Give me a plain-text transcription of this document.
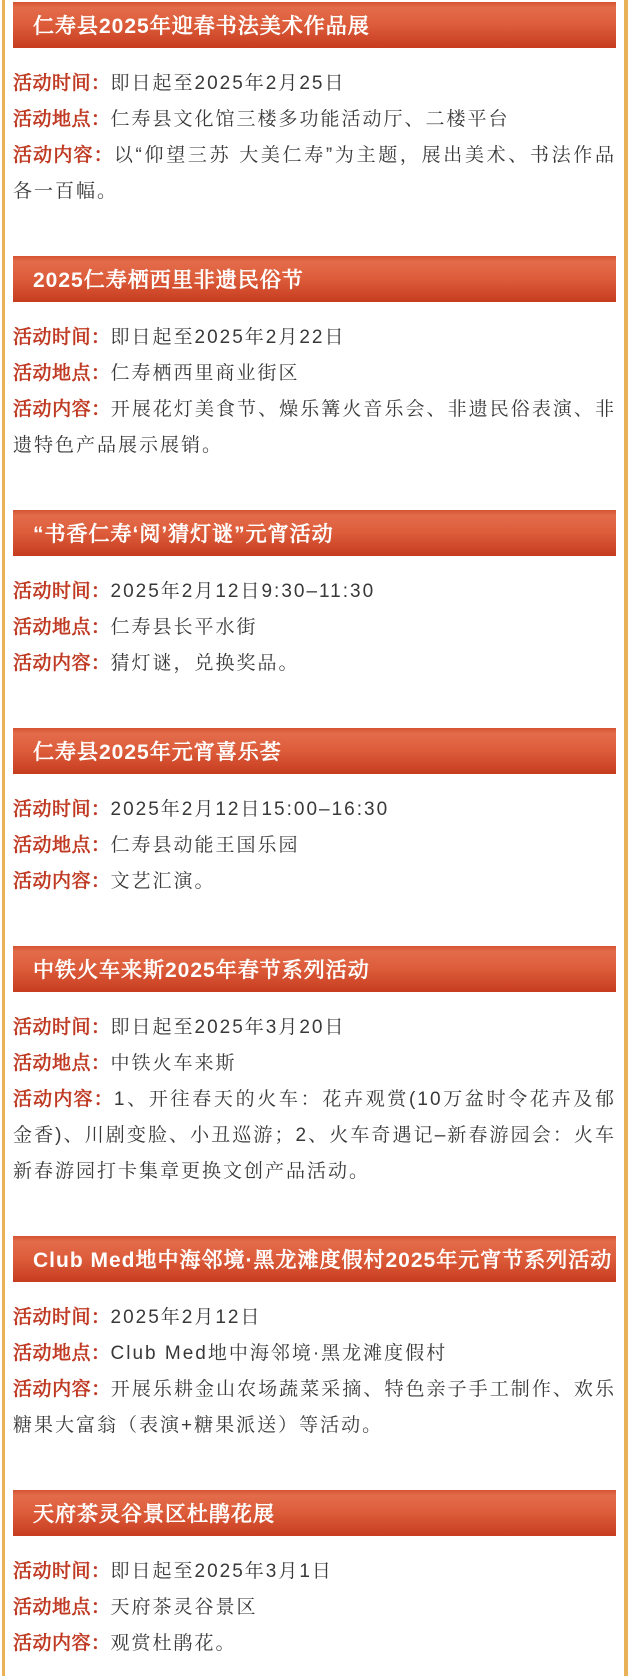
仁寿县2025年迎春书法美术作品展

活动时间：即日起至2025年2月25日

活动地点：仁寿县文化馆三楼多功能活动厅、二楼平台

活动内容：以“仰望三苏 大美仁寿”为主题，展出美术、书法作品各一百幅。

2025仁寿栖西里非遗民俗节

活动时间：即日起至2025年2月22日

活动地点：仁寿栖西里商业街区

活动内容：开展花灯美食节、燥乐篝火音乐会、非遗民俗表演、非遗特色产品展示展销。

“书香仁寿‘阅’猜灯谜”元宵活动

活动时间：2025年2月12日9:30–11:30

活动地点：仁寿县长平水街

活动内容：猜灯谜，兑换奖品。

仁寿县2025年元宵喜乐荟

活动时间：2025年2月12日15:00–16:30

活动地点：仁寿县动能王国乐园

活动内容：文艺汇演。

中铁火车来斯2025年春节系列活动

活动时间：即日起至2025年3月20日

活动地点：中铁火车来斯

活动内容：1、开往春天的火车：花卉观赏(10万盆时令花卉及郁金香)、川剧变脸、小丑巡游；2、火车奇遇记–新春游园会：火车新春游园打卡集章更换文创产品活动。

Club Med地中海邻境·黑龙滩度假村2025年元宵节系列活动

活动时间：2025年2月12日

活动地点：Club Med地中海邻境·黑龙滩度假村

活动内容：开展乐耕金山农场蔬菜采摘、特色亲子手工制作、欢乐糖果大富翁（表演+糖果派送）等活动。

天府茶灵谷景区杜鹃花展

活动时间：即日起至2025年3月1日

活动地点：天府茶灵谷景区

活动内容：观赏杜鹃花。
